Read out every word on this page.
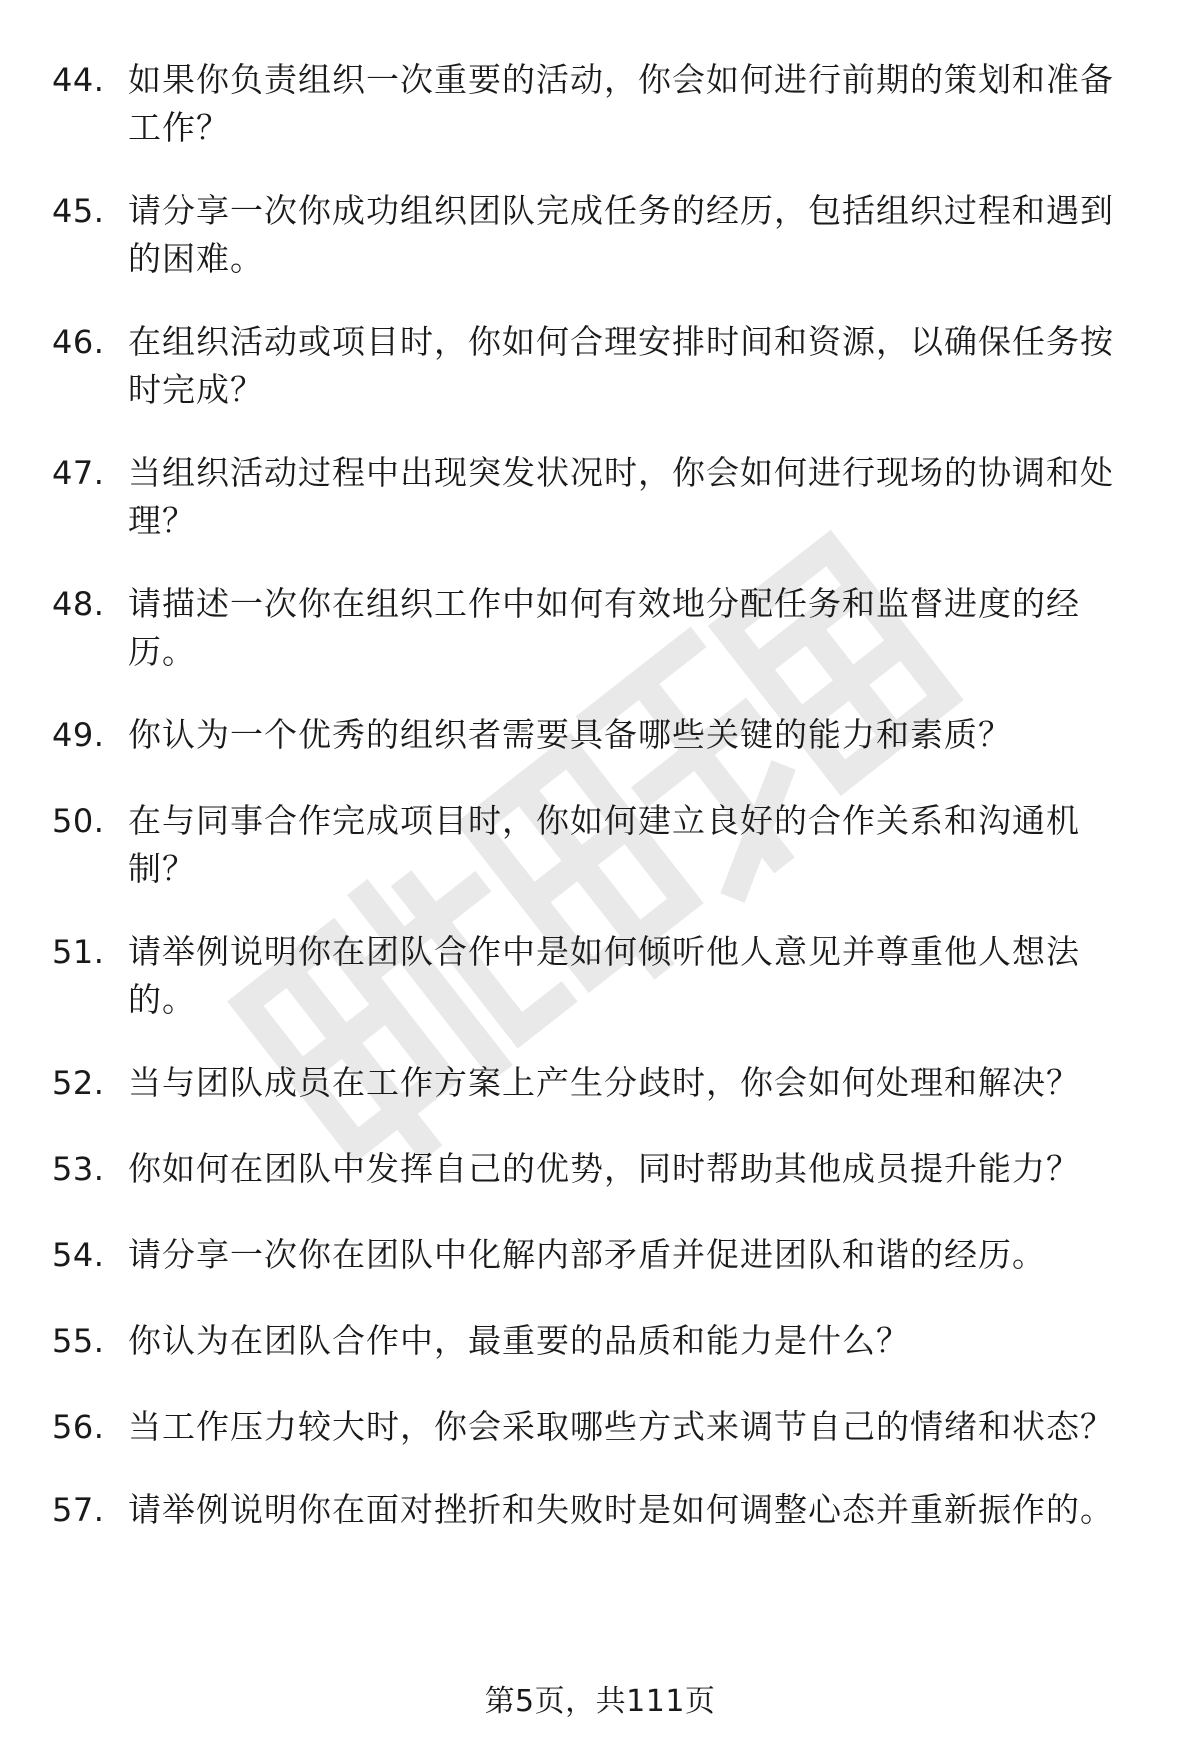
44. 如果你负责组织一次重要的活动，你会如何进行前期的策划和准备工作？
45. 请分享一次你成功组织团队完成任务的经历，包括组织过程和遇到的困难。
46. 在组织活动或项目时，你如何合理安排时间和资源，以确保任务按时完成？
47. 当组织活动过程中出现突发状况时，你会如何进行现场的协调和处理？
48. 请描述一次你在组织工作中如何有效地分配任务和监督进度的经历。
49. 你认为一个优秀的组织者需要具备哪些关键的能力和素质？
50. 在与同事合作完成项目时，你如何建立良好的合作关系和沟通机制？
51. 请举例说明你在团队合作中是如何倾听他人意见并尊重他人想法的。
52. 当与团队成员在工作方案上产生分歧时，你会如何处理和解决？
53. 你如何在团队中发挥自己的优势，同时帮助其他成员提升能力？
54. 请分享一次你在团队中化解内部矛盾并促进团队和谐的经历。
55. 你认为在团队合作中，最重要的品质和能力是什么？
56. 当工作压力较大时，你会采取哪些方式来调节自己的情绪和状态？
57. 请举例说明你在面对挫折和失败时是如何调整心态并重新振作的。
第5页，共111页
